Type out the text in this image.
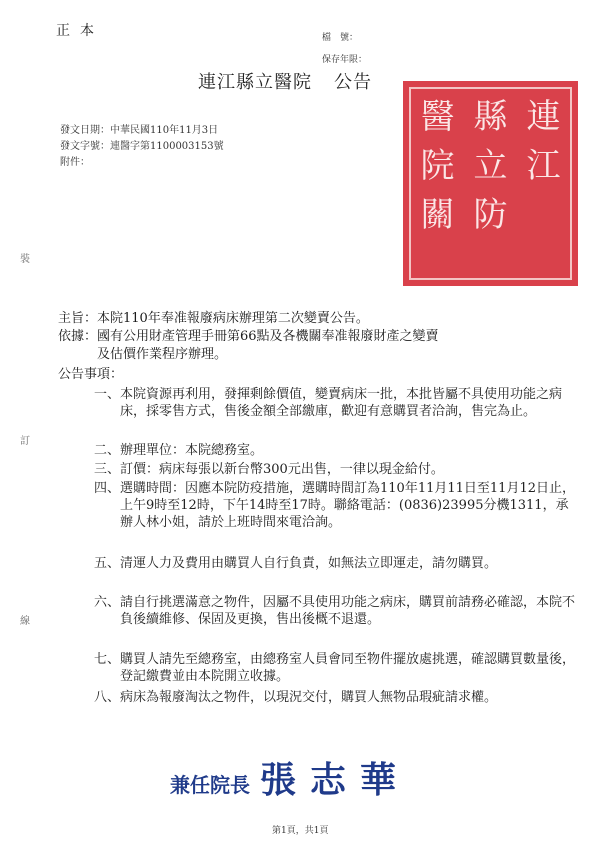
正本	檔　號：
保存年限：
連江縣立醫院 公告
發文日期：中華民國110年11月3日
發文字號：連醫字第1100003153號
附件：
裝
訂
線
醫 縣 連
院 立 江
關 防
主旨：本院110年奉准報廢病床辦理第二次變賣公告。
依據：國有公用財產管理手冊第66點及各機關奉准報廢財產之變賣
　　　及估價作業程序辦理。
公告事項：
一、本院資源再利用，發揮剩餘價值，變賣病床一批，本批皆屬不具使用功能之病床，採零售方式，售後金額全部繳庫，歡迎有意購買者洽詢，售完為止。
二、辦理單位：本院總務室。
三、訂價：病床每張以新台幣300元出售，一律以現金給付。
四、選購時間：因應本院防疫措施，選購時間訂為110年11月11日至11月12日止，上午9時至12時，下午14時至17時。聯絡電話：(0836)23995分機1311，承辦人林小姐，請於上班時間來電洽詢。
五、清運人力及費用由購買人自行負責，如無法立即運走，請勿購買。
六、請自行挑選滿意之物件，因屬不具使用功能之病床，購買前請務必確認，本院不負後續維修、保固及更換，售出後概不退還。
七、購買人請先至總務室，由總務室人員會同至物件擺放處挑選，確認購買數量後，登記繳費並由本院開立收據。
八、病床為報廢淘汰之物件，以現況交付，購買人無物品瑕疵請求權。
兼任院長 張志華
第1頁，共1頁
